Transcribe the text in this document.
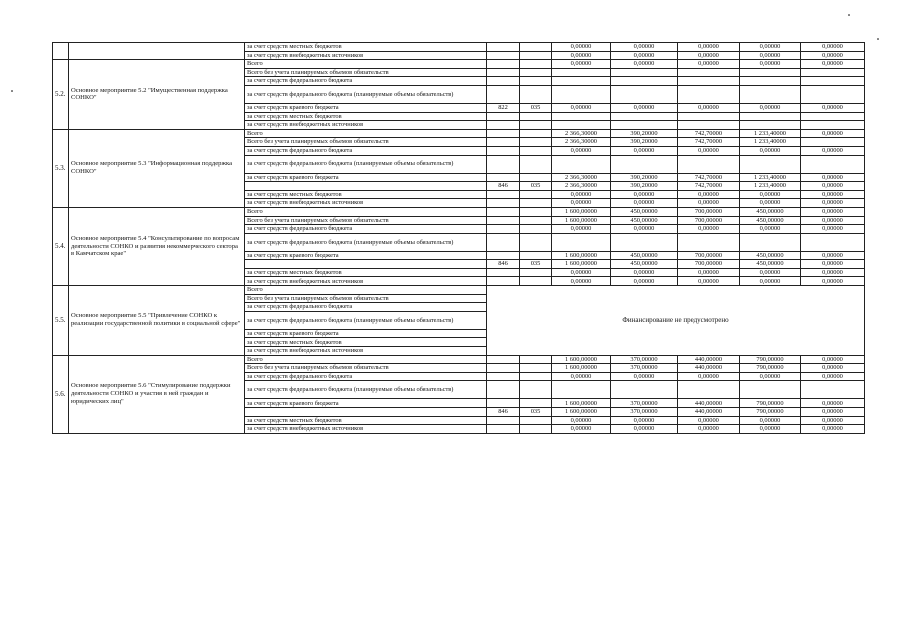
		за счет средств местных бюджетов			0,00000	0,00000	0,00000	0,00000	0,00000
		за счет средств внебюджетных источников			0,00000	0,00000	0,00000	0,00000	0,00000
5.2.	Основное мероприятие 5.2 "Имущественная поддержка СОНКО"	Всего			0,00000	0,00000	0,00000	0,00000	0,00000
		Всего без учета планируемых объемов обязательств							
		за счет средств федерального бюджета							
		за счет средств федерального бюджета (планируемые объемы обязательств)							
		за счет средств краевого бюджета	822	035	0,00000	0,00000	0,00000	0,00000	0,00000
		за счет средств местных бюджетов							
		за счет средств внебюджетных источников							
5.3.	Основное мероприятие 5.3 "Информационная поддержка СОНКО"	Всего			2 366,30000	390,20000	742,70000	1 233,40000	0,00000
		Всего без учета планируемых объемов обязательств			2 366,30000	390,20000	742,70000	1 233,40000	
		за счет средств федерального бюджета			0,00000	0,00000	0,00000	0,00000	0,00000
		за счет средств федерального бюджета (планируемые объемы обязательств)							
		за счет средств краевого бюджета			2 366,30000	390,20000	742,70000	1 233,40000	0,00000
			846	035	2 366,30000	390,20000	742,70000	1 233,40000	0,00000
		за счет средств местных бюджетов			0,00000	0,00000	0,00000	0,00000	0,00000
		за счет средств внебюджетных источников			0,00000	0,00000	0,00000	0,00000	0,00000
5.4.	Основное мероприятие 5.4 "Консультирование по вопросам деятельности СОНКО и развития некоммерческого сектора в Камчатском крае"	Всего			1 600,00000	450,00000	700,00000	450,00000	0,00000
		Всего без учета планируемых объемов обязательств			1 600,00000	450,00000	700,00000	450,00000	0,00000
		за счет средств федерального бюджета			0,00000	0,00000	0,00000	0,00000	0,00000
		за счет средств федерального бюджета (планируемые объемы обязательств)							
		за счет средств краевого бюджета			1 600,00000	450,00000	700,00000	450,00000	0,00000
			846	035	1 600,00000	450,00000	700,00000	450,00000	0,00000
		за счет средств местных бюджетов			0,00000	0,00000	0,00000	0,00000	0,00000
		за счет средств внебюджетных источников			0,00000	0,00000	0,00000	0,00000	0,00000
5.5.	Основное мероприятие 5.5 "Привлечение СОНКО к реализации государственной политики в социальной сфере"	Всего	Финансирование не предусмотрено						
		Всего без учета планируемых объемов обязательств							
		за счет средств федерального бюджета							
		за счет средств федерального бюджета (планируемые объемы обязательств)							
		за счет средств краевого бюджета							
		за счет средств местных бюджетов							
		за счет средств внебюджетных источников							
5.6.	Основное мероприятие 5.6 "Стимулирование поддержки деятельности СОНКО и участия в ней граждан и юридических лиц"	Всего			1 600,00000	370,00000	440,00000	790,00000	0,00000
		Всего без учета планируемых объемов обязательств			1 600,00000	370,00000	440,00000	790,00000	0,00000
		за счет средств федерального бюджета			0,00000	0,00000	0,00000	0,00000	0,00000
		за счет средств федерального бюджета (планируемые объемы обязательств)							
		за счет средств краевого бюджета			1 600,00000	370,00000	440,00000	790,00000	0,00000
			846	035	1 600,00000	370,00000	440,00000	790,00000	0,00000
		за счет средств местных бюджетов			0,00000	0,00000	0,00000	0,00000	0,00000
		за счет средств внебюджетных источников			0,00000	0,00000	0,00000	0,00000	0,00000
